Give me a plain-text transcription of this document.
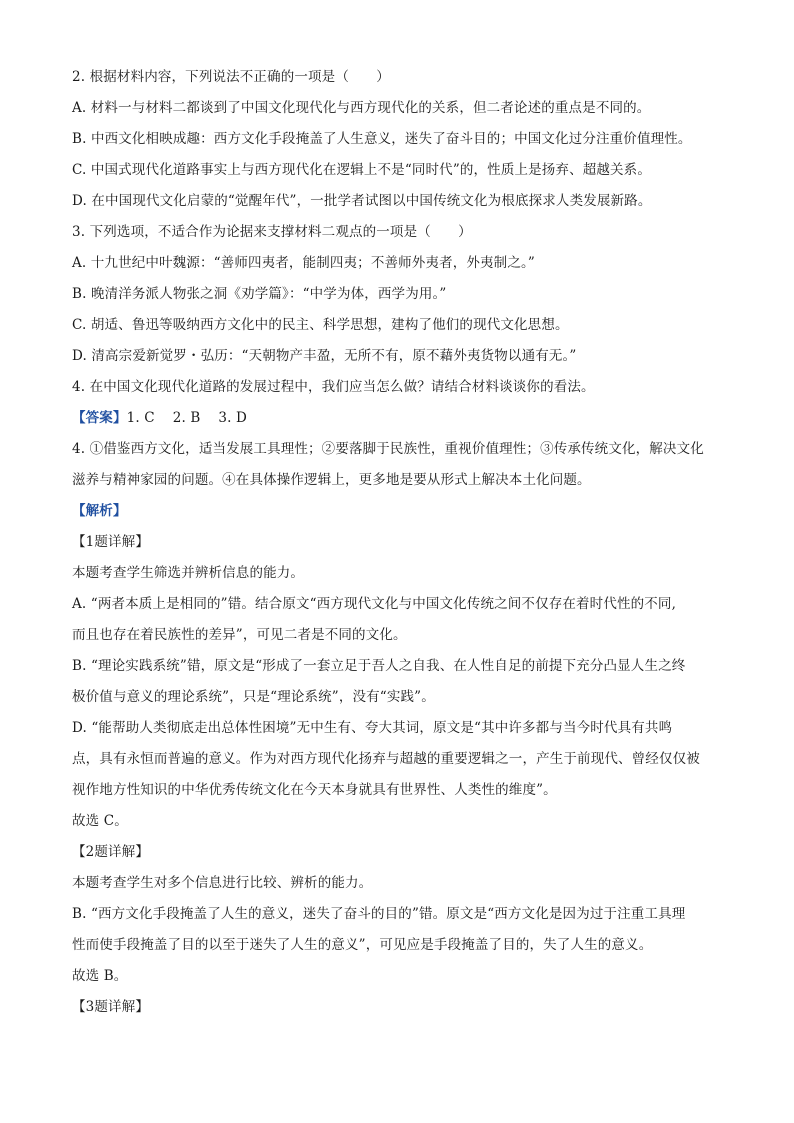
2. 根据材料内容，下列说法不正确的一项是（　　）
A. 材料一与材料二都谈到了中国文化现代化与西方现代化的关系，但二者论述的重点是不同的。
B. 中西文化相映成趣：西方文化手段掩盖了人生意义，迷失了奋斗目的；中国文化过分注重价值理性。
C. 中国式现代化道路事实上与西方现代化在逻辑上不是“同时代”的，性质上是扬弃、超越关系。
D. 在中国现代文化启蒙的“觉醒年代”，一批学者试图以中国传统文化为根底探求人类发展新路。
3. 下列选项，不适合作为论据来支撑材料二观点的一项是（　　）
A. 十九世纪中叶魏源：“善师四夷者，能制四夷；不善师外夷者，外夷制之。”
B. 晚清洋务派人物张之洞《劝学篇》：“中学为体，西学为用。”
C. 胡适、鲁迅等吸纳西方文化中的民主、科学思想，建构了他们的现代文化思想。
D. 清高宗爱新觉罗・弘历：“天朝物产丰盈，无所不有，原不藉外夷货物以通有无。”
4. 在中国文化现代化道路的发展过程中，我们应当怎么做？请结合材料谈谈你的看法。
【答案】1. C 2. B 3. D
4. ①借鉴西方文化，适当发展工具理性；②要落脚于民族性，重视价值理性；③传承传统文化，解决文化
滋养与精神家园的问题。④在具体操作逻辑上，更多地是要从形式上解决本土化问题。
【解析】
【1题详解】
本题考查学生筛选并辨析信息的能力。
A. “两者本质上是相同的”错。结合原文“西方现代文化与中国文化传统之间不仅存在着时代性的不同,
而且也存在着民族性的差异”，可见二者是不同的文化。
B. “理论实践系统”错，原文是“形成了一套立足于吾人之自我、在人性自足的前提下充分凸显人生之终
极价值与意义的理论系统”，只是“理论系统”，没有“实践”。
D. “能帮助人类彻底走出总体性困境”无中生有、夸大其词，原文是“其中许多都与当今时代具有共鸣
点，具有永恒而普遍的意义。作为对西方现代化扬弃与超越的重要逻辑之一，产生于前现代、曾经仅仅被
视作地方性知识的中华优秀传统文化在今天本身就具有世界性、人类性的维度”。
故选 C。
【2题详解】
本题考查学生对多个信息进行比较、辨析的能力。
B. “西方文化手段掩盖了人生的意义，迷失了奋斗的目的”错。原文是“西方文化是因为过于注重工具理
性而使手段掩盖了目的以至于迷失了人生的意义”，可见应是手段掩盖了目的，失了人生的意义。
故选 B。
【3题详解】
